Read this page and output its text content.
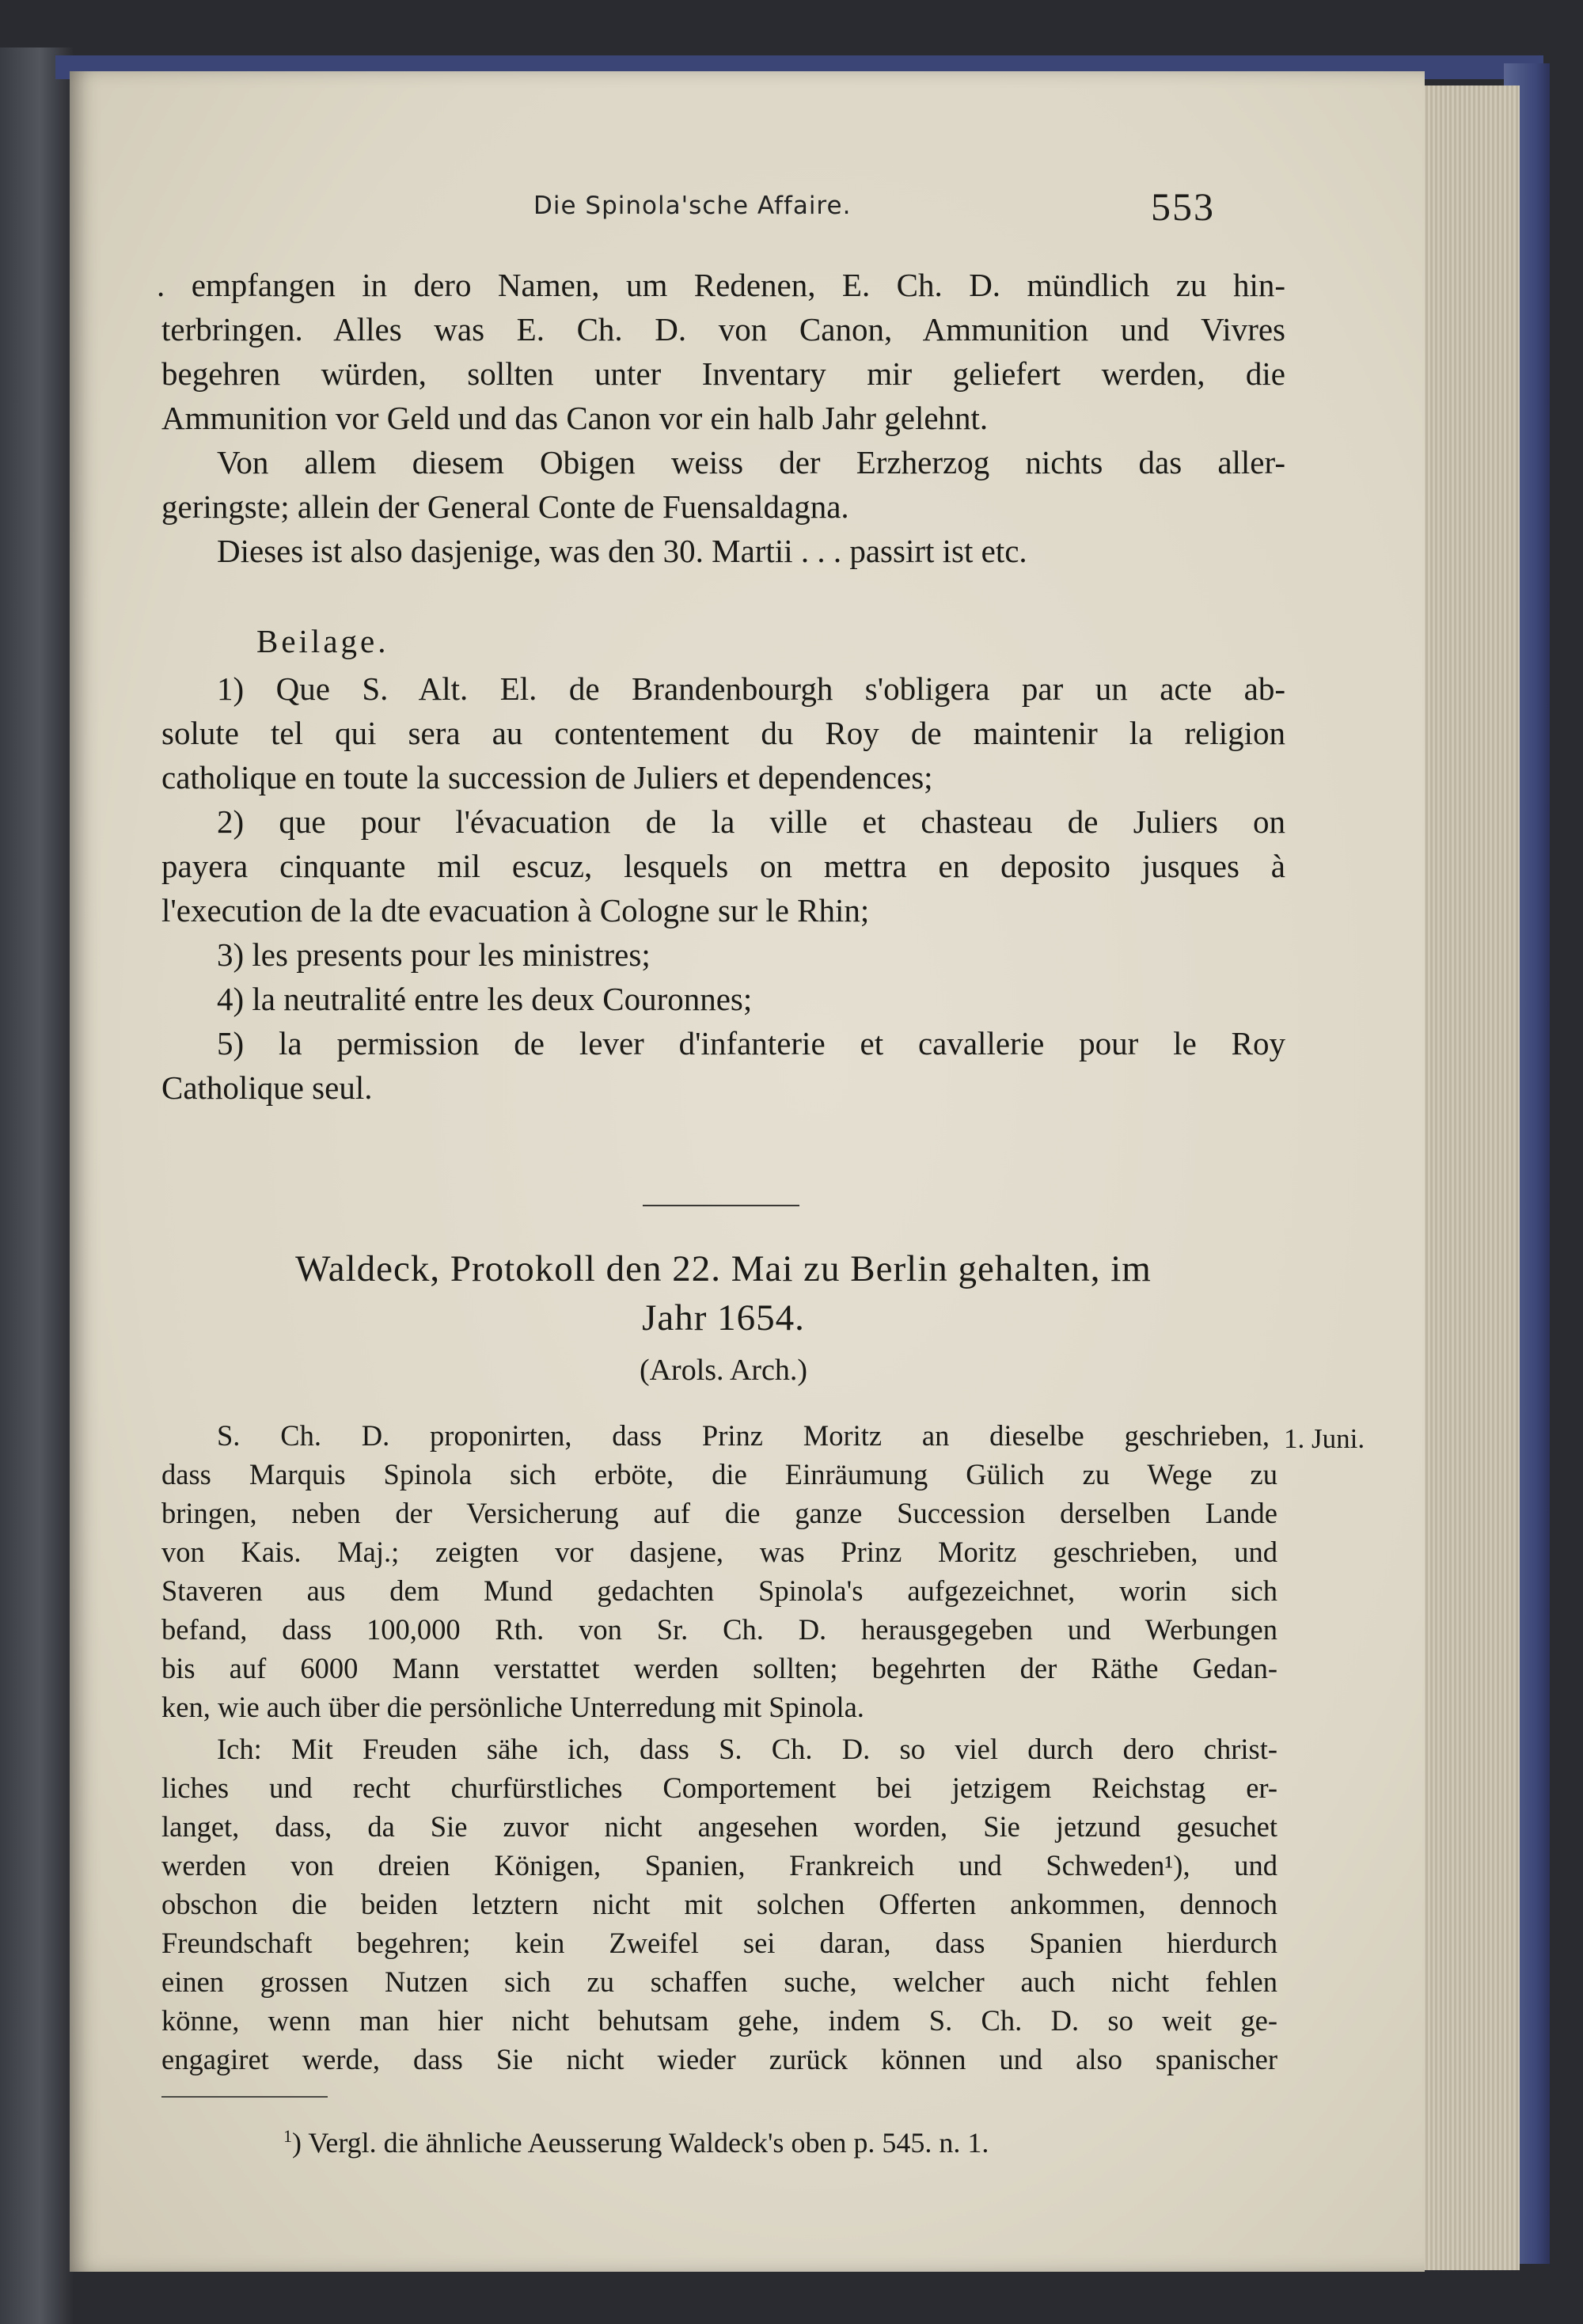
Die Spinola'sche Affaire.	553
. empfangen in dero Namen, um Redenen, E. Ch. D. mündlich zu hin-
terbringen. Alles was E. Ch. D. von Canon, Ammunition und Vivres
begehren würden, sollten unter Inventary mir geliefert werden, die
Ammunition vor Geld und das Canon vor ein halb Jahr gelehnt.
Von allem diesem Obigen weiss der Erzherzog nichts das aller-
geringste; allein der General Conte de Fuensaldagna.
Dieses ist also dasjenige, was den 30. Martii . . . passirt ist etc.
Beilage.
1) Que S. Alt. El. de Brandenbourgh s'obligera par un acte ab-
solute tel qui sera au contentement du Roy de maintenir la religion
catholique en toute la succession de Juliers et dependences;
2) que pour l'évacuation de la ville et chasteau de Juliers on
payera cinquante mil escuz, lesquels on mettra en deposito jusques à
l'execution de la dte evacuation à Cologne sur le Rhin;
3) les presents pour les ministres;
4) la neutralité entre les deux Couronnes;
5) la permission de lever d'infanterie et cavallerie pour le Roy
Catholique seul.
Waldeck, Protokoll den 22. Mai zu Berlin gehalten, im
Jahr 1654.
(Arols. Arch.)
1. Juni.
S. Ch. D. proponirten, dass Prinz Moritz an dieselbe geschrieben,
dass Marquis Spinola sich erböte, die Einräumung Gülich zu Wege zu
bringen, neben der Versicherung auf die ganze Succession derselben Lande
von Kais. Maj.; zeigten vor dasjene, was Prinz Moritz geschrieben, und
Staveren aus dem Mund gedachten Spinola's aufgezeichnet, worin sich
befand, dass 100,000 Rth. von Sr. Ch. D. herausgegeben und Werbungen
bis auf 6000 Mann verstattet werden sollten; begehrten der Räthe Gedan-
ken, wie auch über die persönliche Unterredung mit Spinola.
Ich: Mit Freuden sähe ich, dass S. Ch. D. so viel durch dero christ-
liches und recht churfürstliches Comportement bei jetzigem Reichstag er-
langet, dass, da Sie zuvor nicht angesehen worden, Sie jetzund gesuchet
werden von dreien Königen, Spanien, Frankreich und Schweden¹), und
obschon die beiden letztern nicht mit solchen Offerten ankommen, dennoch
Freundschaft begehren; kein Zweifel sei daran, dass Spanien hierdurch
einen grossen Nutzen sich zu schaffen suche, welcher auch nicht fehlen
könne, wenn man hier nicht behutsam gehe, indem S. Ch. D. so weit ge-
engagiret werde, dass Sie nicht wieder zurück können und also spanischer
$^1$) Vergl. die ähnliche Aeusserung Waldeck's oben p. 545. n. 1.
